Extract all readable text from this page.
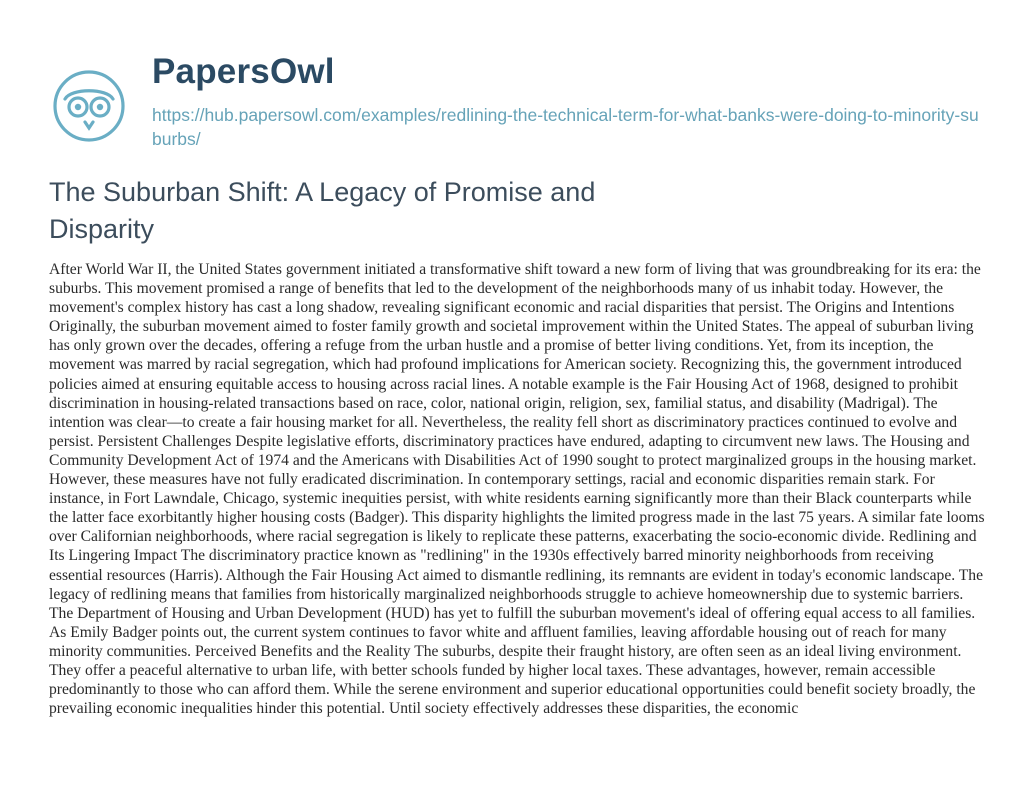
PapersOwl
https://hub.papersowl.com/examples/redlining-the-technical-term-for-what-banks-were-doing-to-minority-suburbs/
The Suburban Shift: A Legacy of Promise and Disparity

After World War II, the United States government initiated a transformative shift toward a new form of living that was groundbreaking for its era: the suburbs. This movement promised a range of benefits that led to the development of the neighborhoods many of us inhabit today. However, the movement's complex history has cast a long shadow, revealing significant economic and racial disparities that persist. The Origins and Intentions Originally, the suburban movement aimed to foster family growth and societal improvement within the United States. The appeal of suburban living has only grown over the decades, offering a refuge from the urban hustle and a promise of better living conditions. Yet, from its inception, the movement was marred by racial segregation, which had profound implications for American society. Recognizing this, the government introduced policies aimed at ensuring equitable access to housing across racial lines. A notable example is the Fair Housing Act of 1968, designed to prohibit discrimination in housing-related transactions based on race, color, national origin, religion, sex, familial status, and disability (Madrigal). The intention was clear—to create a fair housing market for all. Nevertheless, the reality fell short as discriminatory practices continued to evolve and persist. Persistent Challenges Despite legislative efforts, discriminatory practices have endured, adapting to circumvent new laws. The Housing and Community Development Act of 1974 and the Americans with Disabilities Act of 1990 sought to protect marginalized groups in the housing market. However, these measures have not fully eradicated discrimination. In contemporary settings, racial and economic disparities remain stark. For instance, in Fort Lawndale, Chicago, systemic inequities persist, with white residents earning significantly more than their Black counterparts while the latter face exorbitantly higher housing costs (Badger). This disparity highlights the limited progress made in the last 75 years. A similar fate looms over Californian neighborhoods, where racial segregation is likely to replicate these patterns, exacerbating the socio-economic divide. Redlining and Its Lingering Impact The discriminatory practice known as "redlining" in the 1930s effectively barred minority neighborhoods from receiving essential resources (Harris). Although the Fair Housing Act aimed to dismantle redlining, its remnants are evident in today's economic landscape. The legacy of redlining means that families from historically marginalized neighborhoods struggle to achieve homeownership due to systemic barriers. The Department of Housing and Urban Development (HUD) has yet to fulfill the suburban movement's ideal of offering equal access to all families. As Emily Badger points out, the current system continues to favor white and affluent families, leaving affordable housing out of reach for many minority communities. Perceived Benefits and the Reality The suburbs, despite their fraught history, are often seen as an ideal living environment. They offer a peaceful alternative to urban life, with better schools funded by higher local taxes. These advantages, however, remain accessible predominantly to those who can afford them. While the serene environment and superior educational opportunities could benefit society broadly, the prevailing economic inequalities hinder this potential. Until society effectively addresses these disparities, the economic
